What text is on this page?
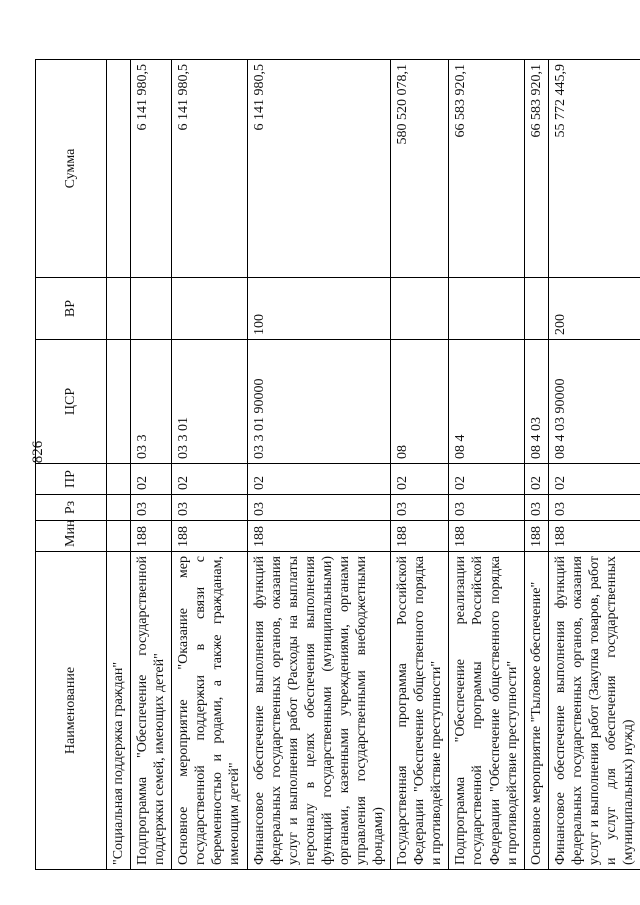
826
Наименование	Мин	Рз	ПР	ЦСР	ВР	Сумма
"Социальная поддержка граждан"						
Подпрограмма "Обеспечение государственной поддержки семей, имеющих детей"	188	03	02	03 3		6 141 980,5
Основное мероприятие "Оказание мер государственной поддержки в связи с беременностью и родами, а также гражданам, имеющим детей"	188	03	02	03 3 01		6 141 980,5
Финансовое обеспечение выполнения функций федеральных государственных органов, оказания услуг и выполнения работ (Расходы на выплаты персоналу в целях обеспечения выполнения функций государственными (муниципальными) органами, казенными учреждениями, органами управления государственными внебюджетными фондами)	188	03	02	03 3 01 90000	100	6 141 980,5
Государственная программа Российской Федерации "Обеспечение общественного порядка и противодействие преступности"	188	03	02	08		580 520 078,1
Подпрограмма "Обеспечение реализации государственной программы Российской Федерации "Обеспечение общественного порядка и противодействие преступности"	188	03	02	08 4		66 583 920,1
Основное мероприятие "Тыловое обеспечение"	188	03	02	08 4 03		66 583 920,1
Финансовое обеспечение выполнения функций федеральных государственных органов, оказания услуг и выполнения работ (Закупка товаров, работ и услуг для обеспечения государственных (муниципальных) нужд)	188	03	02	08 4 03 90000	200	55 772 445,9
